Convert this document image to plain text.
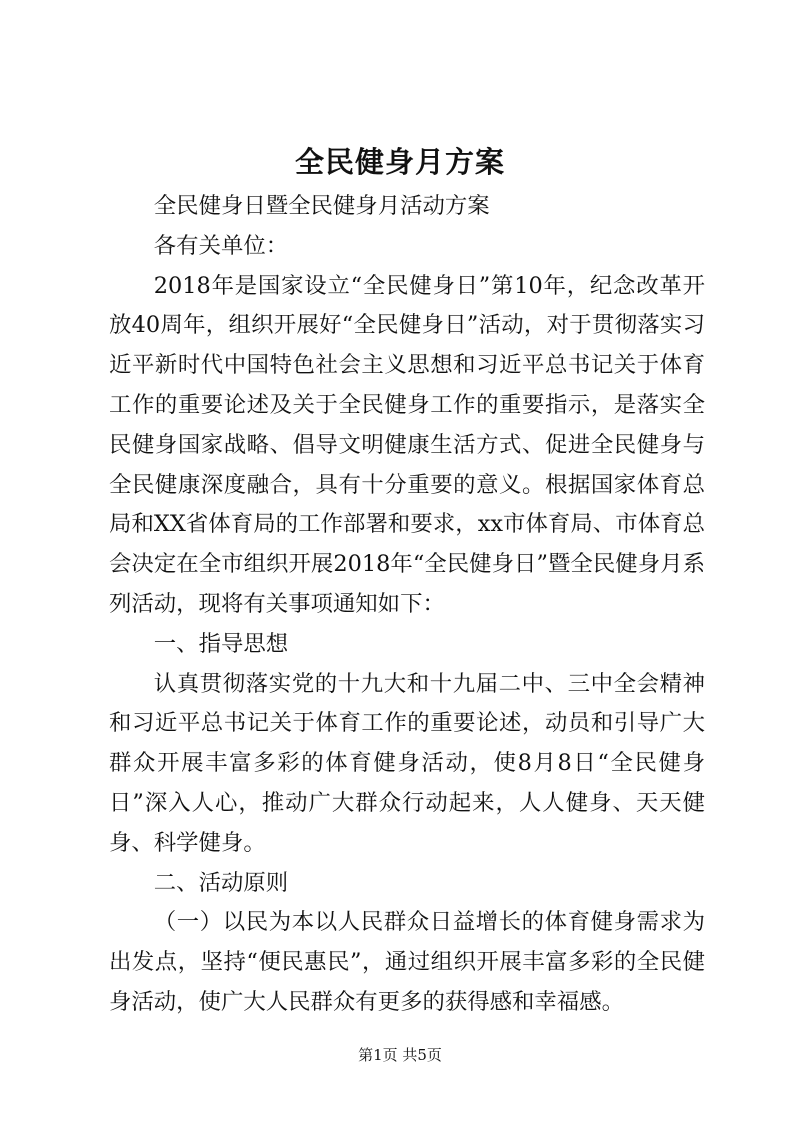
全民健身月方案

全民健身日暨全民健身月活动方案

各有关单位：

2018年是国家设立“全民健身日”第10年，纪念改革开放40周年，组织开展好“全民健身日”活动，对于贯彻落实习近平新时代中国特色社会主义思想和习近平总书记关于体育工作的重要论述及关于全民健身工作的重要指示，是落实全民健身国家战略、倡导文明健康生活方式、促进全民健身与全民健康深度融合，具有十分重要的意义。根据国家体育总局和XX省体育局的工作部署和要求，xx市体育局、市体育总会决定在全市组织开展2018年“全民健身日”暨全民健身月系列活动，现将有关事项通知如下：

一、指导思想

认真贯彻落实党的十九大和十九届二中、三中全会精神和习近平总书记关于体育工作的重要论述，动员和引导广大群众开展丰富多彩的体育健身活动，使8月8日“全民健身日”深入人心，推动广大群众行动起来，人人健身、天天健身、科学健身。

二、活动原则

（一）以民为本以人民群众日益增长的体育健身需求为出发点，坚持“便民惠民”，通过组织开展丰富多彩的全民健身活动，使广大人民群众有更多的获得感和幸福感。

第1页 共5页
